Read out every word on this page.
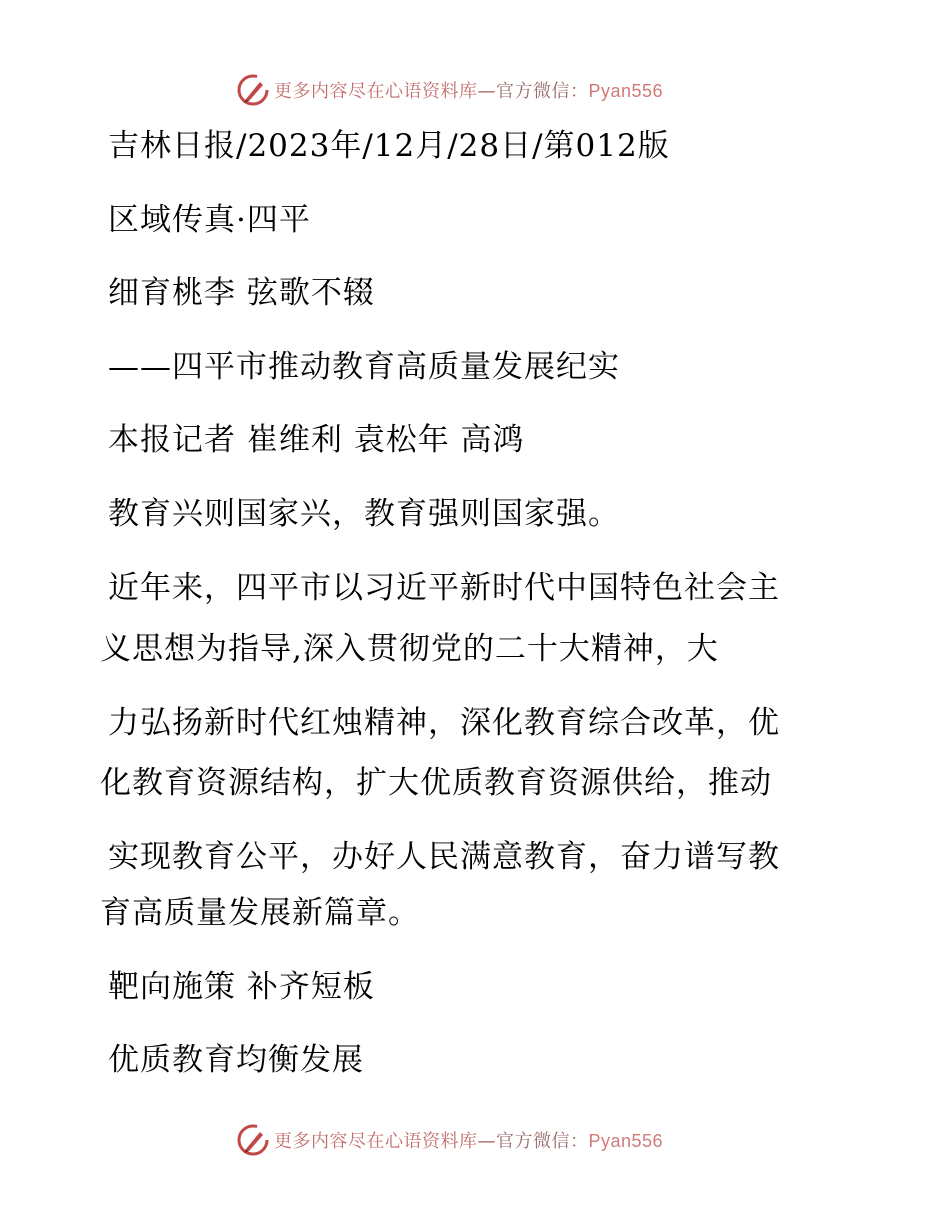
更多内容尽在心语资料库—官方微信：Pyan556
吉林日报/2023年/12月/28日/第012版
区域传真·四平
细育桃李 弦歌不辍
——四平市推动教育高质量发展纪实
本报记者 崔维利 袁松年 高鸿
教育兴则国家兴，教育强则国家强。
近年来，四平市以习近平新时代中国特色社会主
义思想为指导,深入贯彻党的二十大精神，大
力弘扬新时代红烛精神，深化教育综合改革，优
化教育资源结构，扩大优质教育资源供给，推动
实现教育公平，办好人民满意教育，奋力谱写教
育高质量发展新篇章。
靶向施策 补齐短板
优质教育均衡发展
更多内容尽在心语资料库—官方微信：Pyan556
